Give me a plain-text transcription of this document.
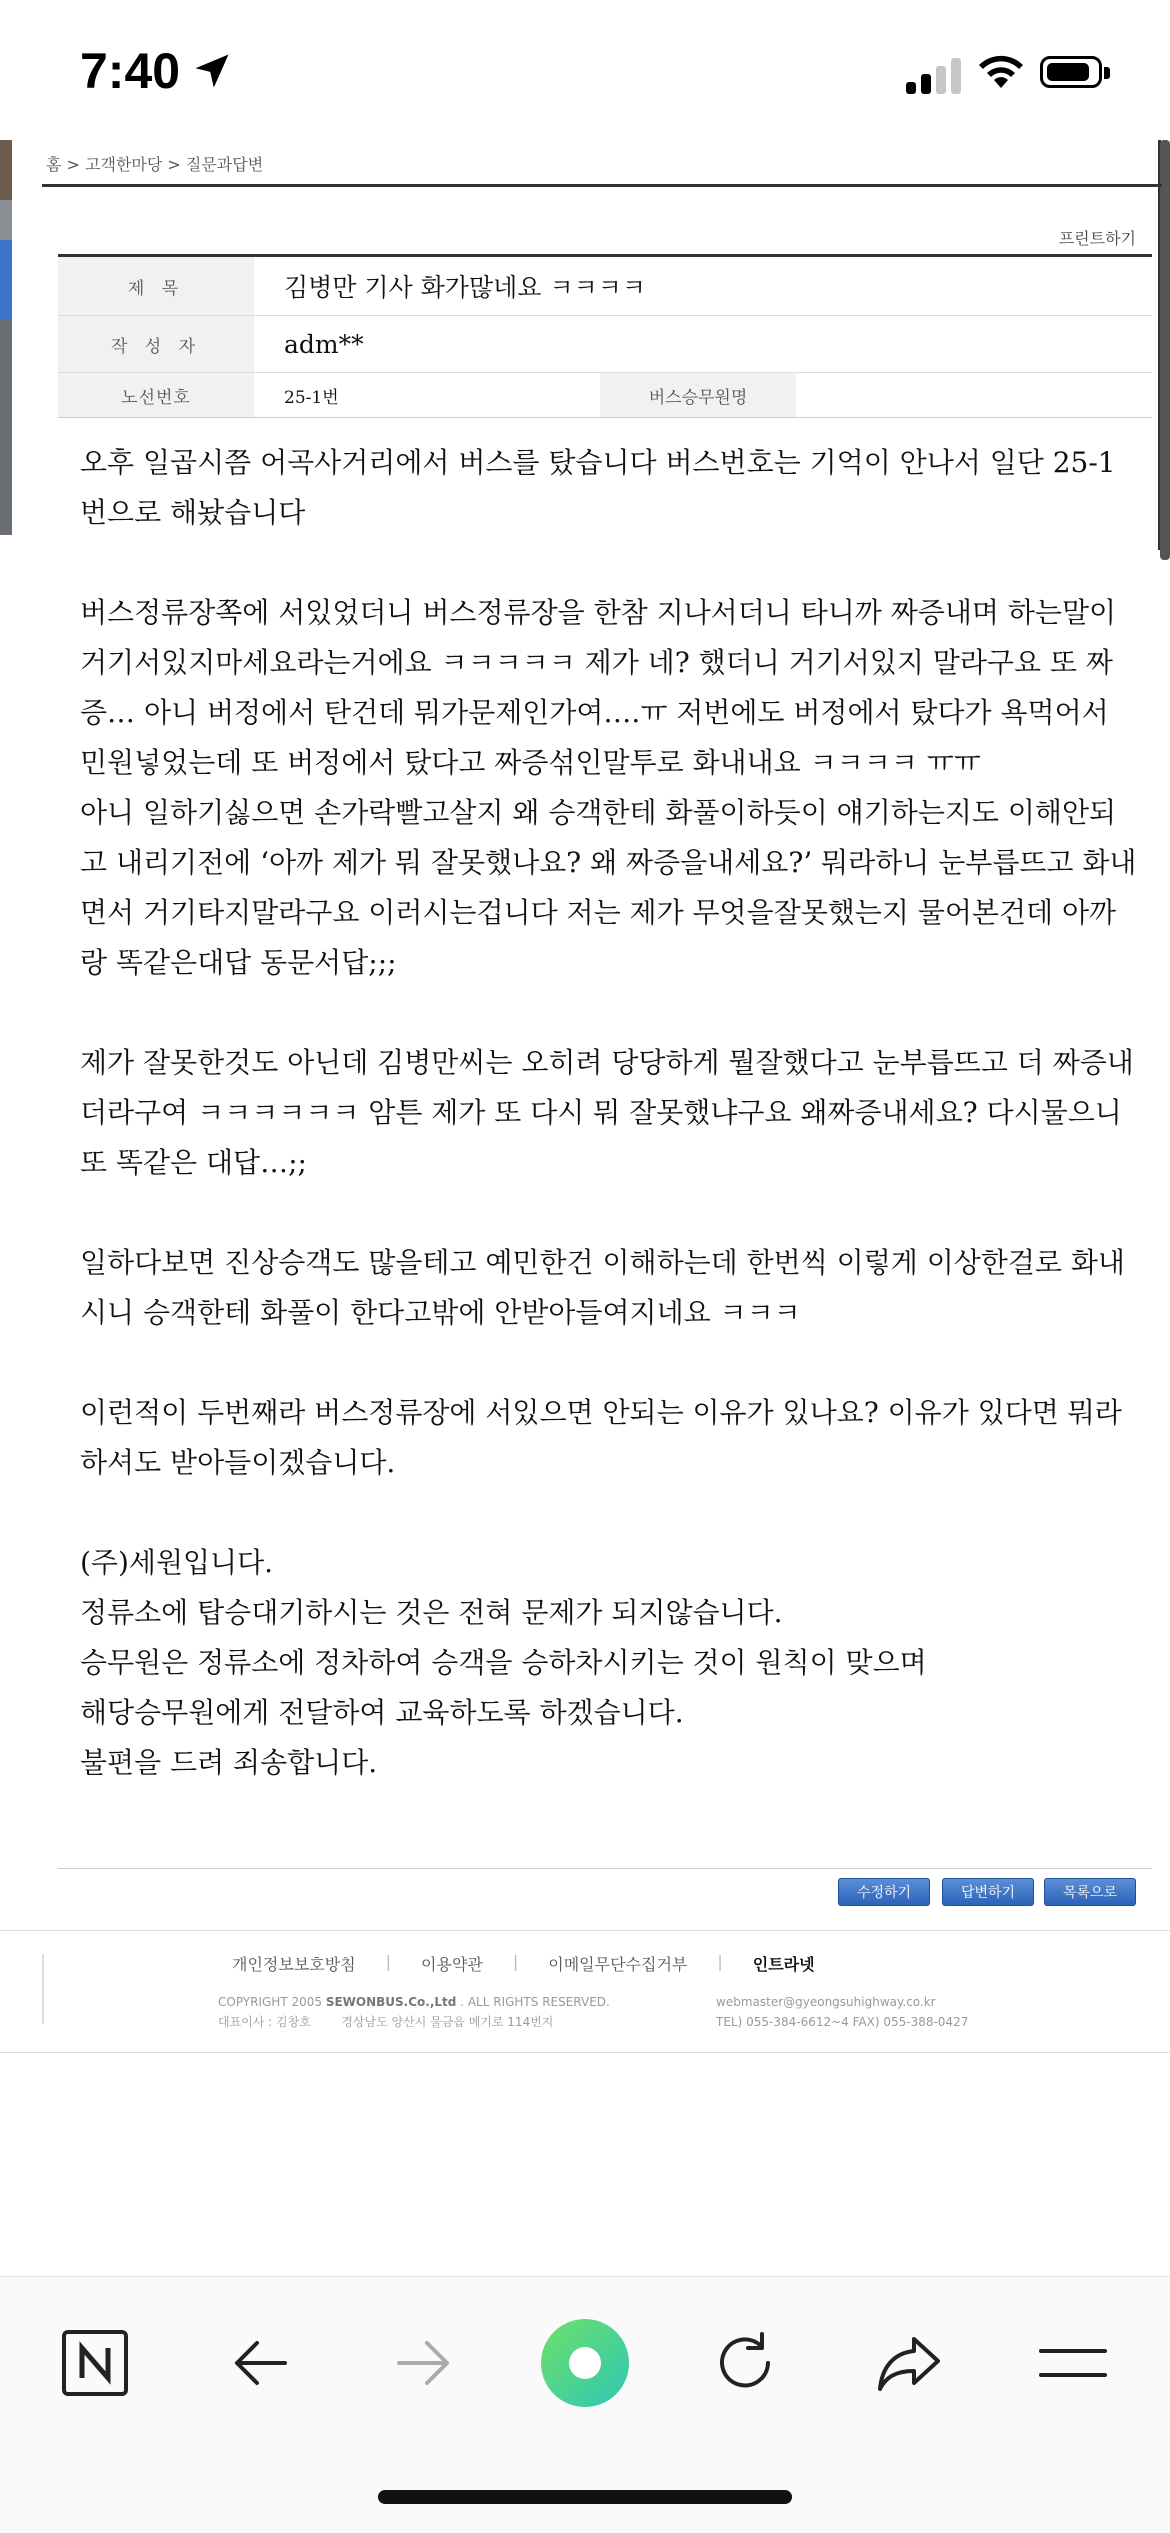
7:40
홈 > 고객한마당 > 질문과답변
프린트하기
제 목	김병만 기사 화가많네요 ㅋㅋㅋㅋ
작 성 자	adm**
노선번호	25-1번	버스승무원명

오후 일곱시쯤 어곡사거리에서 버스를 탔습니다 버스번호는 기억이 안나서 일단 25-1번으로 해놨습니다

버스정류장쪽에 서있었더니 버스정류장을 한참 지나서더니 타니까 짜증내며 하는말이 거기서있지마세요라는거에요 ㅋㅋㅋㅋㅋ 제가 네? 했더니 거기서있지 말라구요 또 짜증… 아니 버정에서 탄건데 뭐가문제인가여….ㅠ 저번에도 버정에서 탔다가 욕먹어서 민원넣었는데 또 버정에서 탔다고 짜증섞인말투로 화내내요 ㅋㅋㅋㅋ ㅠㅠ
아니 일하기싫으면 손가락빨고살지 왜 승객한테 화풀이하듯이 얘기하는지도 이해안되고 내리기전에 ‘아까 제가 뭐 잘못했나요? 왜 짜증을내세요?’ 뭐라하니 눈부릅뜨고 화내면서 거기타지말라구요 이러시는겁니다 저는 제가 무엇을잘못했는지 물어본건데 아까랑 똑같은대답 동문서답;;;

제가 잘못한것도 아닌데 김병만씨는 오히려 당당하게 뭘잘했다고 눈부릅뜨고 더 짜증내더라구여 ㅋㅋㅋㅋㅋㅋ 암튼 제가 또 다시 뭐 잘못했냐구요 왜짜증내세요? 다시물으니 또 똑같은 대답…;;

일하다보면 진상승객도 많을테고 예민한건 이해하는데 한번씩 이렇게 이상한걸로 화내시니 승객한테 화풀이 한다고밖에 안받아들여지네요 ㅋㅋㅋ

이런적이 두번째라 버스정류장에 서있으면 안되는 이유가 있나요? 이유가 있다면 뭐라하셔도 받아들이겠습니다.

(주)세원입니다.
정류소에 탑승대기하시는 것은 전혀 문제가 되지않습니다.
승무원은 정류소에 정차하여 승객을 승하차시키는 것이 원칙이 맞으며
해당승무원에게 전달하여 교육하도록 하겠습니다.
불편을 드려 죄송합니다.
수정하기	답변하기	목록으로
개인정보보호방침 | 이용약관 | 이메일무단수집거부 | 인트라넷
COPYRIGHT 2005 SEWONBUS.Co.,Ltd . ALL RIGHTS RESERVED.
대표이사 : 김창호	경상남도 양산시 물금읍 메기로 114번지
webmaster@gyeongsuhighway.co.kr
TEL) 055-384-6612~4 FAX) 055-388-0427
